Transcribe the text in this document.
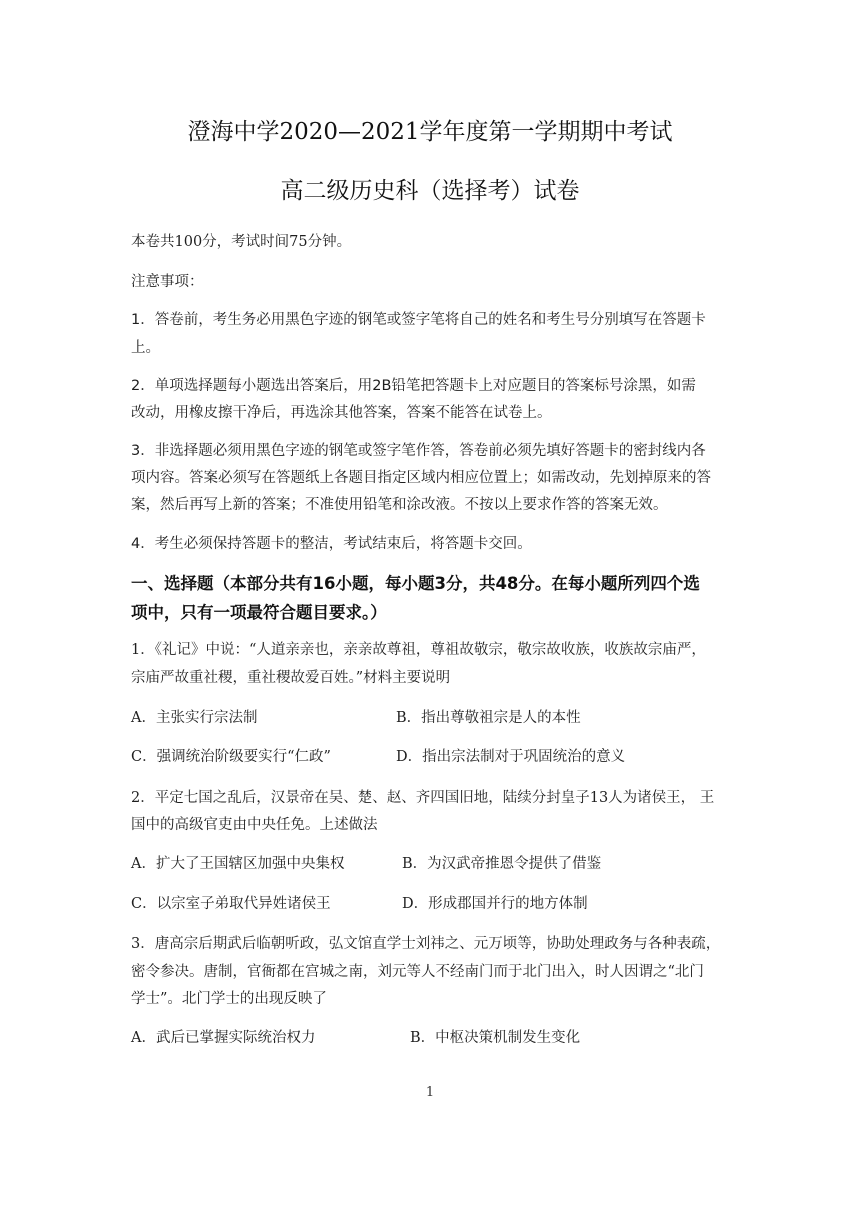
澄海中学2020—2021学年度第一学期期中考试
高二级历史科（选择考）试卷
本卷共100分，考试时间75分钟。
注意事项：
1．答卷前，考生务必用黑色字迹的钢笔或签字笔将自己的姓名和考生号分别填写在答题卡
上。
2．单项选择题每小题选出答案后，用2B铅笔把答题卡上对应题目的答案标号涂黑，如需
改动，用橡皮擦干净后，再选涂其他答案，答案不能答在试卷上。
3．非选择题必须用黑色字迹的钢笔或签字笔作答，答卷前必须先填好答题卡的密封线内各
项内容。答案必须写在答题纸上各题目指定区域内相应位置上；如需改动，先划掉原来的答
案，然后再写上新的答案；不准使用铅笔和涂改液。不按以上要求作答的答案无效。
4．考生必须保持答题卡的整洁，考试结束后，将答题卡交回。
一、选择题（本部分共有16小题，每小题3分，共48分。在每小题所列四个选
项中，只有一项最符合题目要求。）
1．《礼记》中说：“人道亲亲也，亲亲故尊祖，尊祖故敬宗，敬宗故收族，收族故宗庙严，
宗庙严故重社稷，重社稷故爱百姓。”材料主要说明
A．主张实行宗法制	B．指出尊敬祖宗是人的本性
C．强调统治阶级要实行“仁政”	D．指出宗法制对于巩固统治的意义
2．平定七国之乱后，汉景帝在吴、楚、赵、齐四国旧地，陆续分封皇子13人为诸侯王， 王
国中的高级官吏由中央任免。上述做法
A．扩大了王国辖区加强中央集权	B．为汉武帝推恩令提供了借鉴
C．以宗室子弟取代异姓诸侯王	D．形成郡国并行的地方体制
3．唐高宗后期武后临朝听政，弘文馆直学士刘祎之、元万顷等，协助处理政务与各种表疏，
密令参决。唐制，官衙都在宫城之南，刘元等人不经南门而于北门出入，时人因谓之“北门
学士”。北门学士的出现反映了
A．武后已掌握实际统治权力	B．中枢决策机制发生变化
1
